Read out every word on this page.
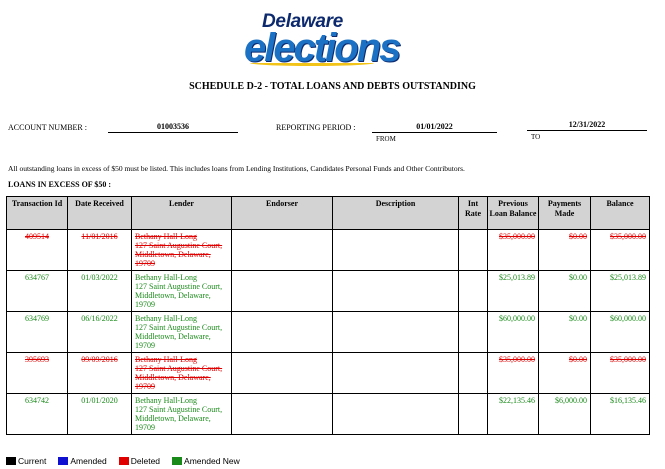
Delaware
elections
SCHEDULE D-2 - TOTAL LOANS AND DEBTS OUTSTANDING
ACCOUNT NUMBER :	01003536	REPORTING PERIOD :	01/01/2022
FROM
12/31/2022
TO
All outstanding loans in excess of $50 must be listed. This includes loans from Lending Institutions, Candidates Personal Funds and Other Contributors.
LOANS IN EXCESS OF $50 :
Transaction Id	Date Received	Lender	Endorser	Description	Int Rate	Previous Loan Balance	Payments Made	Balance
409514	11/01/2016	Bethany Hall-Long
127 Saint Augustine Court,
Middletown, Delaware,
19709				$35,000.00	$0.00	$35,000.00
634767	01/03/2022	Bethany Hall-Long
127 Saint Augustine Court,
Middletown, Delaware,
19709				$25,013.89	$0.00	$25,013.89
634769	06/16/2022	Bethany Hall-Long
127 Saint Augustine Court,
Middletown, Delaware,
19709				$60,000.00	$0.00	$60,000.00
395693	09/09/2016	Bethany Hall-Long
127 Saint Augustine Court,
Middletown, Delaware,
19709				$35,000.00	$0.00	$35,000.00
634742	01/01/2020	Bethany Hall-Long
127 Saint Augustine Court,
Middletown, Delaware,
19709				$22,135.46	$6,000.00	$16,135.46
Current	Amended	Deleted	Amended New
